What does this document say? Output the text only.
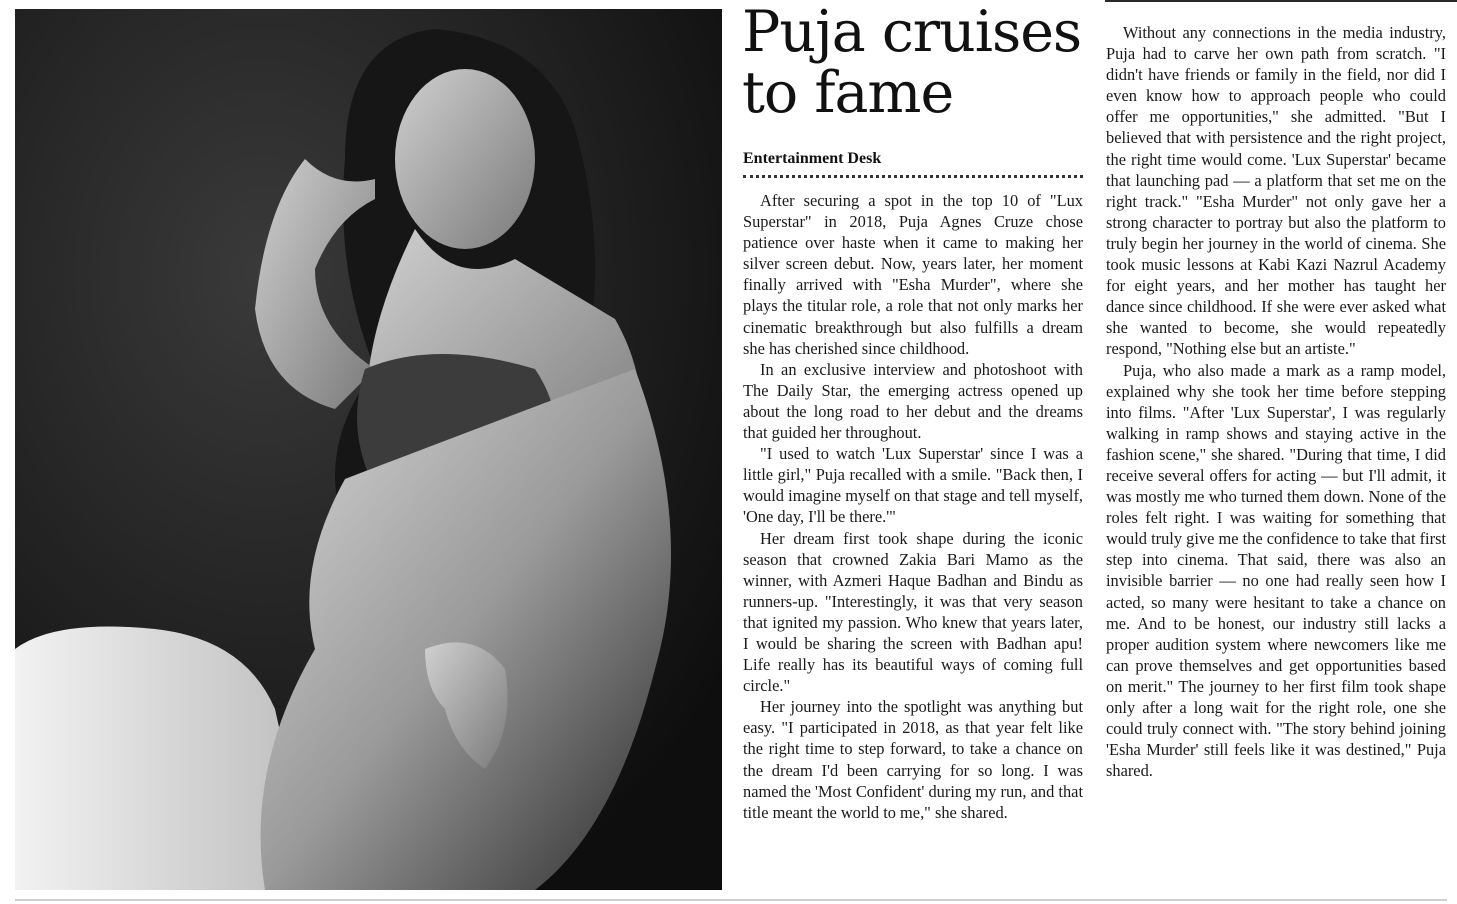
Puja cruises to fame
Entertainment Desk

After securing a spot in the top 10 of "Lux Superstar" in 2018, Puja Agnes Cruze chose patience over haste when it came to making her silver screen debut. Now, years later, her moment finally arrived with "Esha Murder", where she plays the titular role, a role that not only marks her cinematic breakthrough but also fulfills a dream she has cherished since childhood.

In an exclusive interview and photoshoot with The Daily Star, the emerging actress opened up about the long road to her debut and the dreams that guided her throughout.

"I used to watch 'Lux Superstar' since I was a little girl," Puja recalled with a smile. "Back then, I would imagine myself on that stage and tell myself, 'One day, I'll be there.'"

Her dream first took shape during the iconic season that crowned Zakia Bari Mamo as the winner, with Azmeri Haque Badhan and Bindu as runners-up. "Interestingly, it was that very season that ignited my passion. Who knew that years later, I would be sharing the screen with Badhan apu! Life really has its beautiful ways of coming full circle."

Her journey into the spotlight was anything but easy. "I participated in 2018, as that year felt like the right time to step forward, to take a chance on the dream I'd been carrying for so long. I was named the 'Most Confident' during my run, and that title meant the world to me," she shared.

Without any connections in the media industry, Puja had to carve her own path from scratch. "I didn't have friends or family in the field, nor did I even know how to approach people who could offer me opportunities," she admitted. "But I believed that with persistence and the right project, the right time would come. 'Lux Superstar' became that launching pad — a platform that set me on the right track." "Esha Murder" not only gave her a strong character to portray but also the platform to truly begin her journey in the world of cinema. She took music lessons at Kabi Kazi Nazrul Academy for eight years, and her mother has taught her dance since childhood. If she were ever asked what she wanted to become, she would repeatedly respond, "Nothing else but an artiste."

Puja, who also made a mark as a ramp model, explained why she took her time before stepping into films. "After 'Lux Superstar', I was regularly walking in ramp shows and staying active in the fashion scene," she shared. "During that time, I did receive several offers for acting — but I'll admit, it was mostly me who turned them down. None of the roles felt right. I was waiting for something that would truly give me the confidence to take that first step into cinema. That said, there was also an invisible barrier — no one had really seen how I acted, so many were hesitant to take a chance on me. And to be honest, our industry still lacks a proper audition system where newcomers like me can prove themselves and get opportunities based on merit." The journey to her first film took shape only after a long wait for the right role, one she could truly connect with. "The story behind joining 'Esha Murder' still feels like it was destined," Puja shared.
